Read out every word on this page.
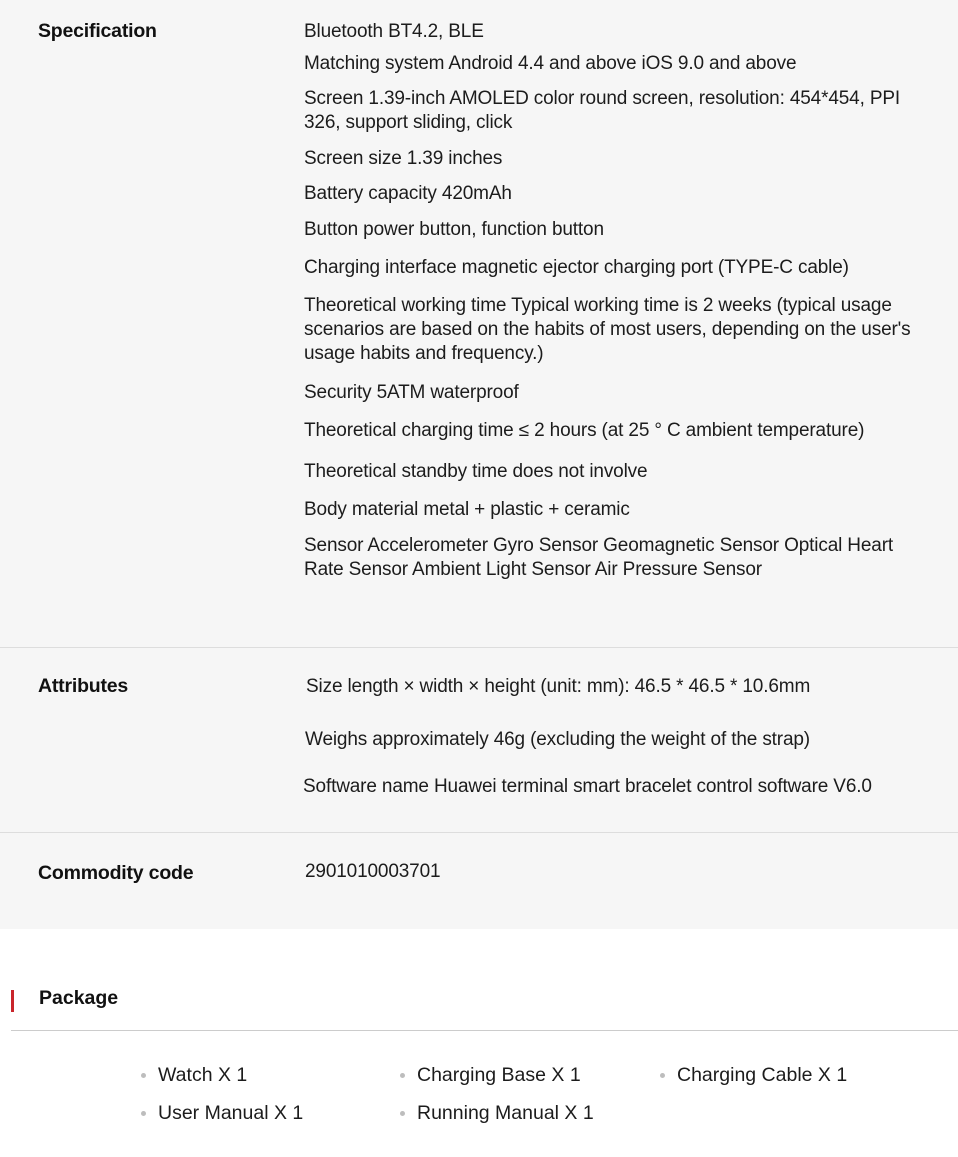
Specification	Bluetooth BT4.2, BLE
Matching system Android 4.4 and above iOS 9.0 and above
Screen 1.39-inch AMOLED color round screen, resolution: 454*454, PPI 326, support sliding, click
Screen size 1.39 inches
Battery capacity 420mAh
Button power button, function button
Charging interface magnetic ejector charging port (TYPE-C cable)
Theoretical working time Typical working time is 2 weeks (typical usage scenarios are based on the habits of most users, depending on the user's usage habits and frequency.)
Security 5ATM waterproof
Theoretical charging time ≤ 2 hours (at 25 ° C ambient temperature)
Theoretical standby time does not involve
Body material metal + plastic + ceramic
Sensor Accelerometer Gyro Sensor Geomagnetic Sensor Optical Heart Rate Sensor Ambient Light Sensor Air Pressure Sensor
Attributes	Size length × width × height (unit: mm): 46.5 * 46.5 * 10.6mm
Weighs approximately 46g (excluding the weight of the strap)
Software name Huawei terminal smart bracelet control software V6.0
Commodity code	2901010003701
Package
Watch X 1	Charging Base X 1	Charging Cable X 1
User Manual X 1	Running Manual X 1
